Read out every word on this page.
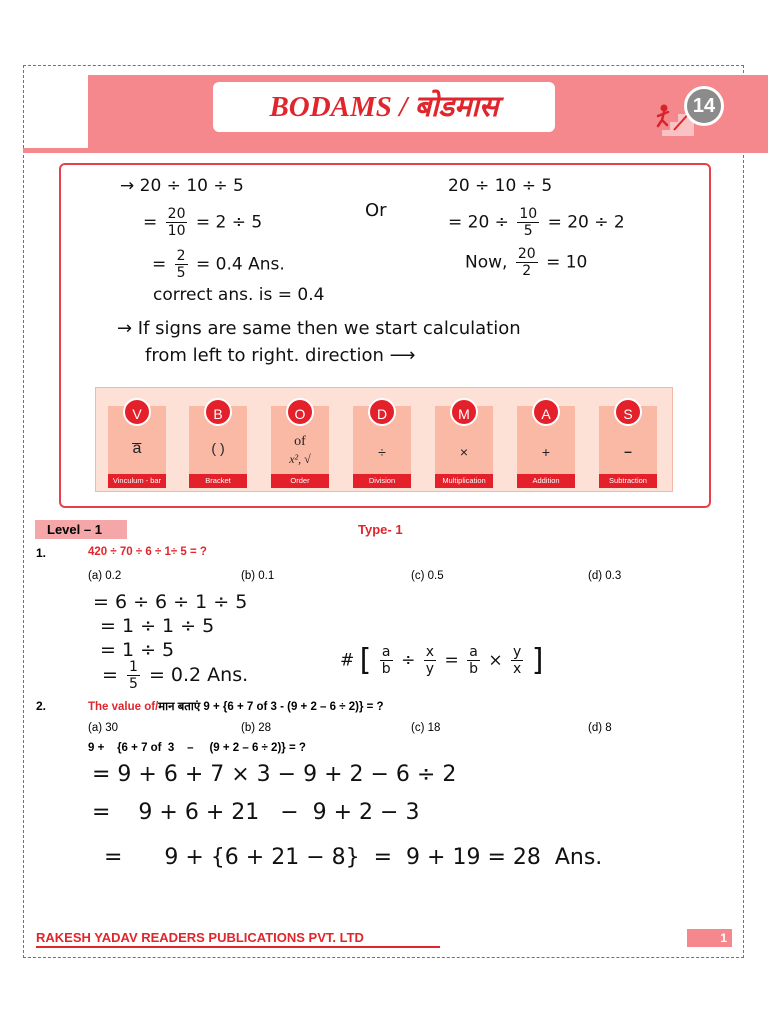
BODAMS / बोडमास	14
→ 20 ÷ 10 ÷ 5
= $\frac{20}{10} = 2 \div 5$
= $\frac{2}{5} = 0.4$ Ans.
correct ans. is = 0.4
Or
20 ÷ 10 ÷ 5
= $20 \div \frac{10}{5} = 20 \div 2$
Now, $\frac{20}{2} = 10$
→ If signs are same then we start calculation
from left to right. direction ⟶
V
a̅
Vinculum - bar
B
( )
Bracket
O
of
x², √
Order
D
÷
Division
M
×
Multiplication
A
+
Addition
S
–
Subtraction
Level – 1	Type- 1
1.	420 ÷ 70 ÷ 6 ÷ 1÷ 5 = ?
(a) 0.2	(b) 0.1	(c) 0.5	(d) 0.3
= 6 ÷ 6 ÷ 1 ÷ 5
= 1 ÷ 1 ÷ 5
= 1 ÷ 5
= $\frac{1}{5} = 0.2$ Ans.
# [ $\frac{a}{b} \div \frac{x}{y} = \frac{a}{b} \times \frac{y}{x}$ ]
2.	The value of/मान बताएं 9 + {6 + 7 of 3 - (9 + 2 – 6 ÷ 2)} = ?
(a) 30	(b) 28	(c) 18	(d) 8
9 +    {6 + 7 of  3    –     (9 + 2 – 6 ÷ 2)} = ?
= 9 + 6 + 7 × 3 − 9 + 2 − 6 ÷ 2
=    9 + 6 + 21   −  9 + 2 − 3
=      9 + {6 + 21 − 8}  =  9 + 19 = 28  Ans.
RAKESH YADAV READERS PUBLICATIONS PVT. LTD	1
